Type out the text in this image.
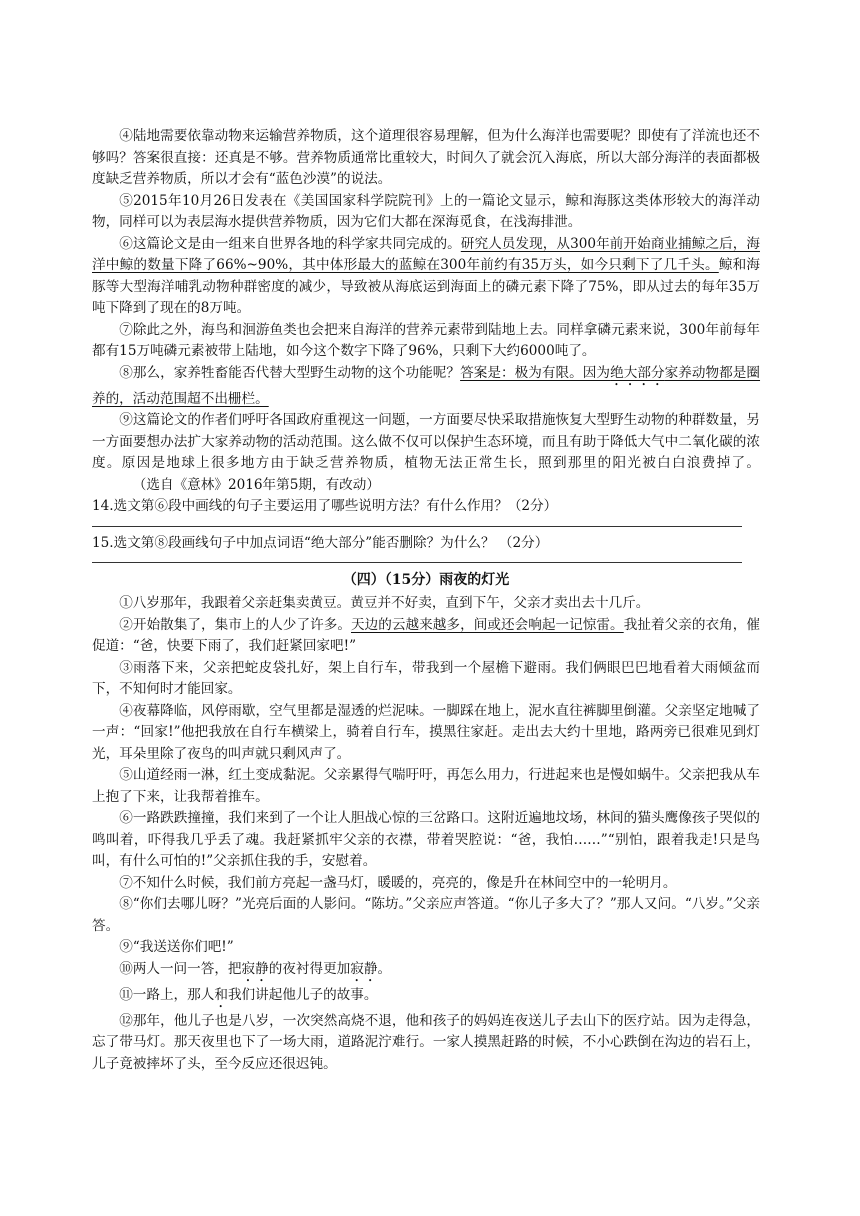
④陆地需要依靠动物来运输营养物质，这个道理很容易理解，但为什么海洋也需要呢？即使有了洋流也还不够吗？答案很直接：还真是不够。营养物质通常比重较大，时间久了就会沉入海底，所以大部分海洋的表面都极度缺乏营养物质，所以才会有“蓝色沙漠”的说法。

⑤2015年10月26日发表在《美国国家科学院院刊》上的一篇论文显示，鲸和海豚这类体形较大的海洋动物，同样可以为表层海水提供营养物质，因为它们大都在深海觅食，在浅海排泄。

⑥这篇论文是由一组来自世界各地的科学家共同完成的。研究人员发现，从300年前开始商业捕鲸之后，海洋中鲸的数量下降了66%~90%，其中体形最大的蓝鲸在300年前约有35万头，如今只剩下了几千头。鲸和海豚等大型海洋哺乳动物种群密度的减少，导致被从海底运到海面上的磷元素下降了75%，即从过去的每年35万吨下降到了现在的8万吨。

⑦除此之外，海鸟和洄游鱼类也会把来自海洋的营养元素带到陆地上去。同样拿磷元素来说，300年前每年都有15万吨磷元素被带上陆地，如今这个数字下降了96%，只剩下大约6000吨了。

⑧那么，家养牲畜能否代替大型野生动物的这个功能呢？答案是：极为有限。因为绝大部分家养动物都是圈养的，活动范围超不出栅栏。

⑨这篇论文的作者们呼吁各国政府重视这一问题，一方面要尽快采取措施恢复大型野生动物的种群数量，另一方面要想办法扩大家养动物的活动范围。这么做不仅可以保护生态环境，而且有助于降低大气中二氧化碳的浓度。原因是地球上很多地方由于缺乏营养物质，植物无法正常生长，照到那里的阳光被白白浪费掉了。（选自《意林》2016年第5期，有改动）

14.选文第⑥段中画线的句子主要运用了哪些说明方法？有什么作用？（2分）

15.选文第⑧段画线句子中加点词语“绝大部分”能否删除？为什么？ （2分）

（四）（15分）雨夜的灯光

①八岁那年，我跟着父亲赶集卖黄豆。黄豆并不好卖，直到下午，父亲才卖出去十几斤。

②开始散集了，集市上的人少了许多。天边的云越来越多，间或还会响起一记惊雷。我扯着父亲的衣角，催促道：“爸，快要下雨了，我们赶紧回家吧!”

③雨落下来，父亲把蛇皮袋扎好，架上自行车，带我到一个屋檐下避雨。我们俩眼巴巴地看着大雨倾盆而下，不知何时才能回家。

④夜幕降临，风停雨歇，空气里都是湿透的烂泥味。一脚踩在地上，泥水直往裤脚里倒灌。父亲坚定地喊了一声：“回家!”他把我放在自行车横梁上，骑着自行车，摸黑往家赶。走出去大约十里地，路两旁已很难见到灯光，耳朵里除了夜鸟的叫声就只剩风声了。

⑤山道经雨一淋，红土变成黏泥。父亲累得气喘吁吁，再怎么用力，行进起来也是慢如蜗牛。父亲把我从车上抱了下来，让我帮着推车。

⑥一路跌跌撞撞，我们来到了一个让人胆战心惊的三岔路口。这附近遍地坟场，林间的猫头鹰像孩子哭似的鸣叫着，吓得我几乎丢了魂。我赶紧抓牢父亲的衣襟，带着哭腔说：“爸，我怕……”“别怕，跟着我走!只是鸟叫，有什么可怕的!”父亲抓住我的手，安慰着。

⑦不知什么时候，我们前方亮起一盏马灯，暖暖的，亮亮的，像是升在林间空中的一轮明月。

⑧“你们去哪儿呀？”光亮后面的人影问。“陈坊。”父亲应声答道。“你儿子多大了？”那人又问。“八岁。”父亲答。

⑨“我送送你们吧!”

⑩两人一问一答，把寂静的夜衬得更加寂静。

⑪一路上，那人和我们讲起他儿子的故事。

⑫那年，他儿子也是八岁，一次突然高烧不退，他和孩子的妈妈连夜送儿子去山下的医疗站。因为走得急，忘了带马灯。那天夜里也下了一场大雨，道路泥泞难行。一家人摸黑赶路的时候，不小心跌倒在沟边的岩石上，儿子竟被摔坏了头，至今反应还很迟钝。
